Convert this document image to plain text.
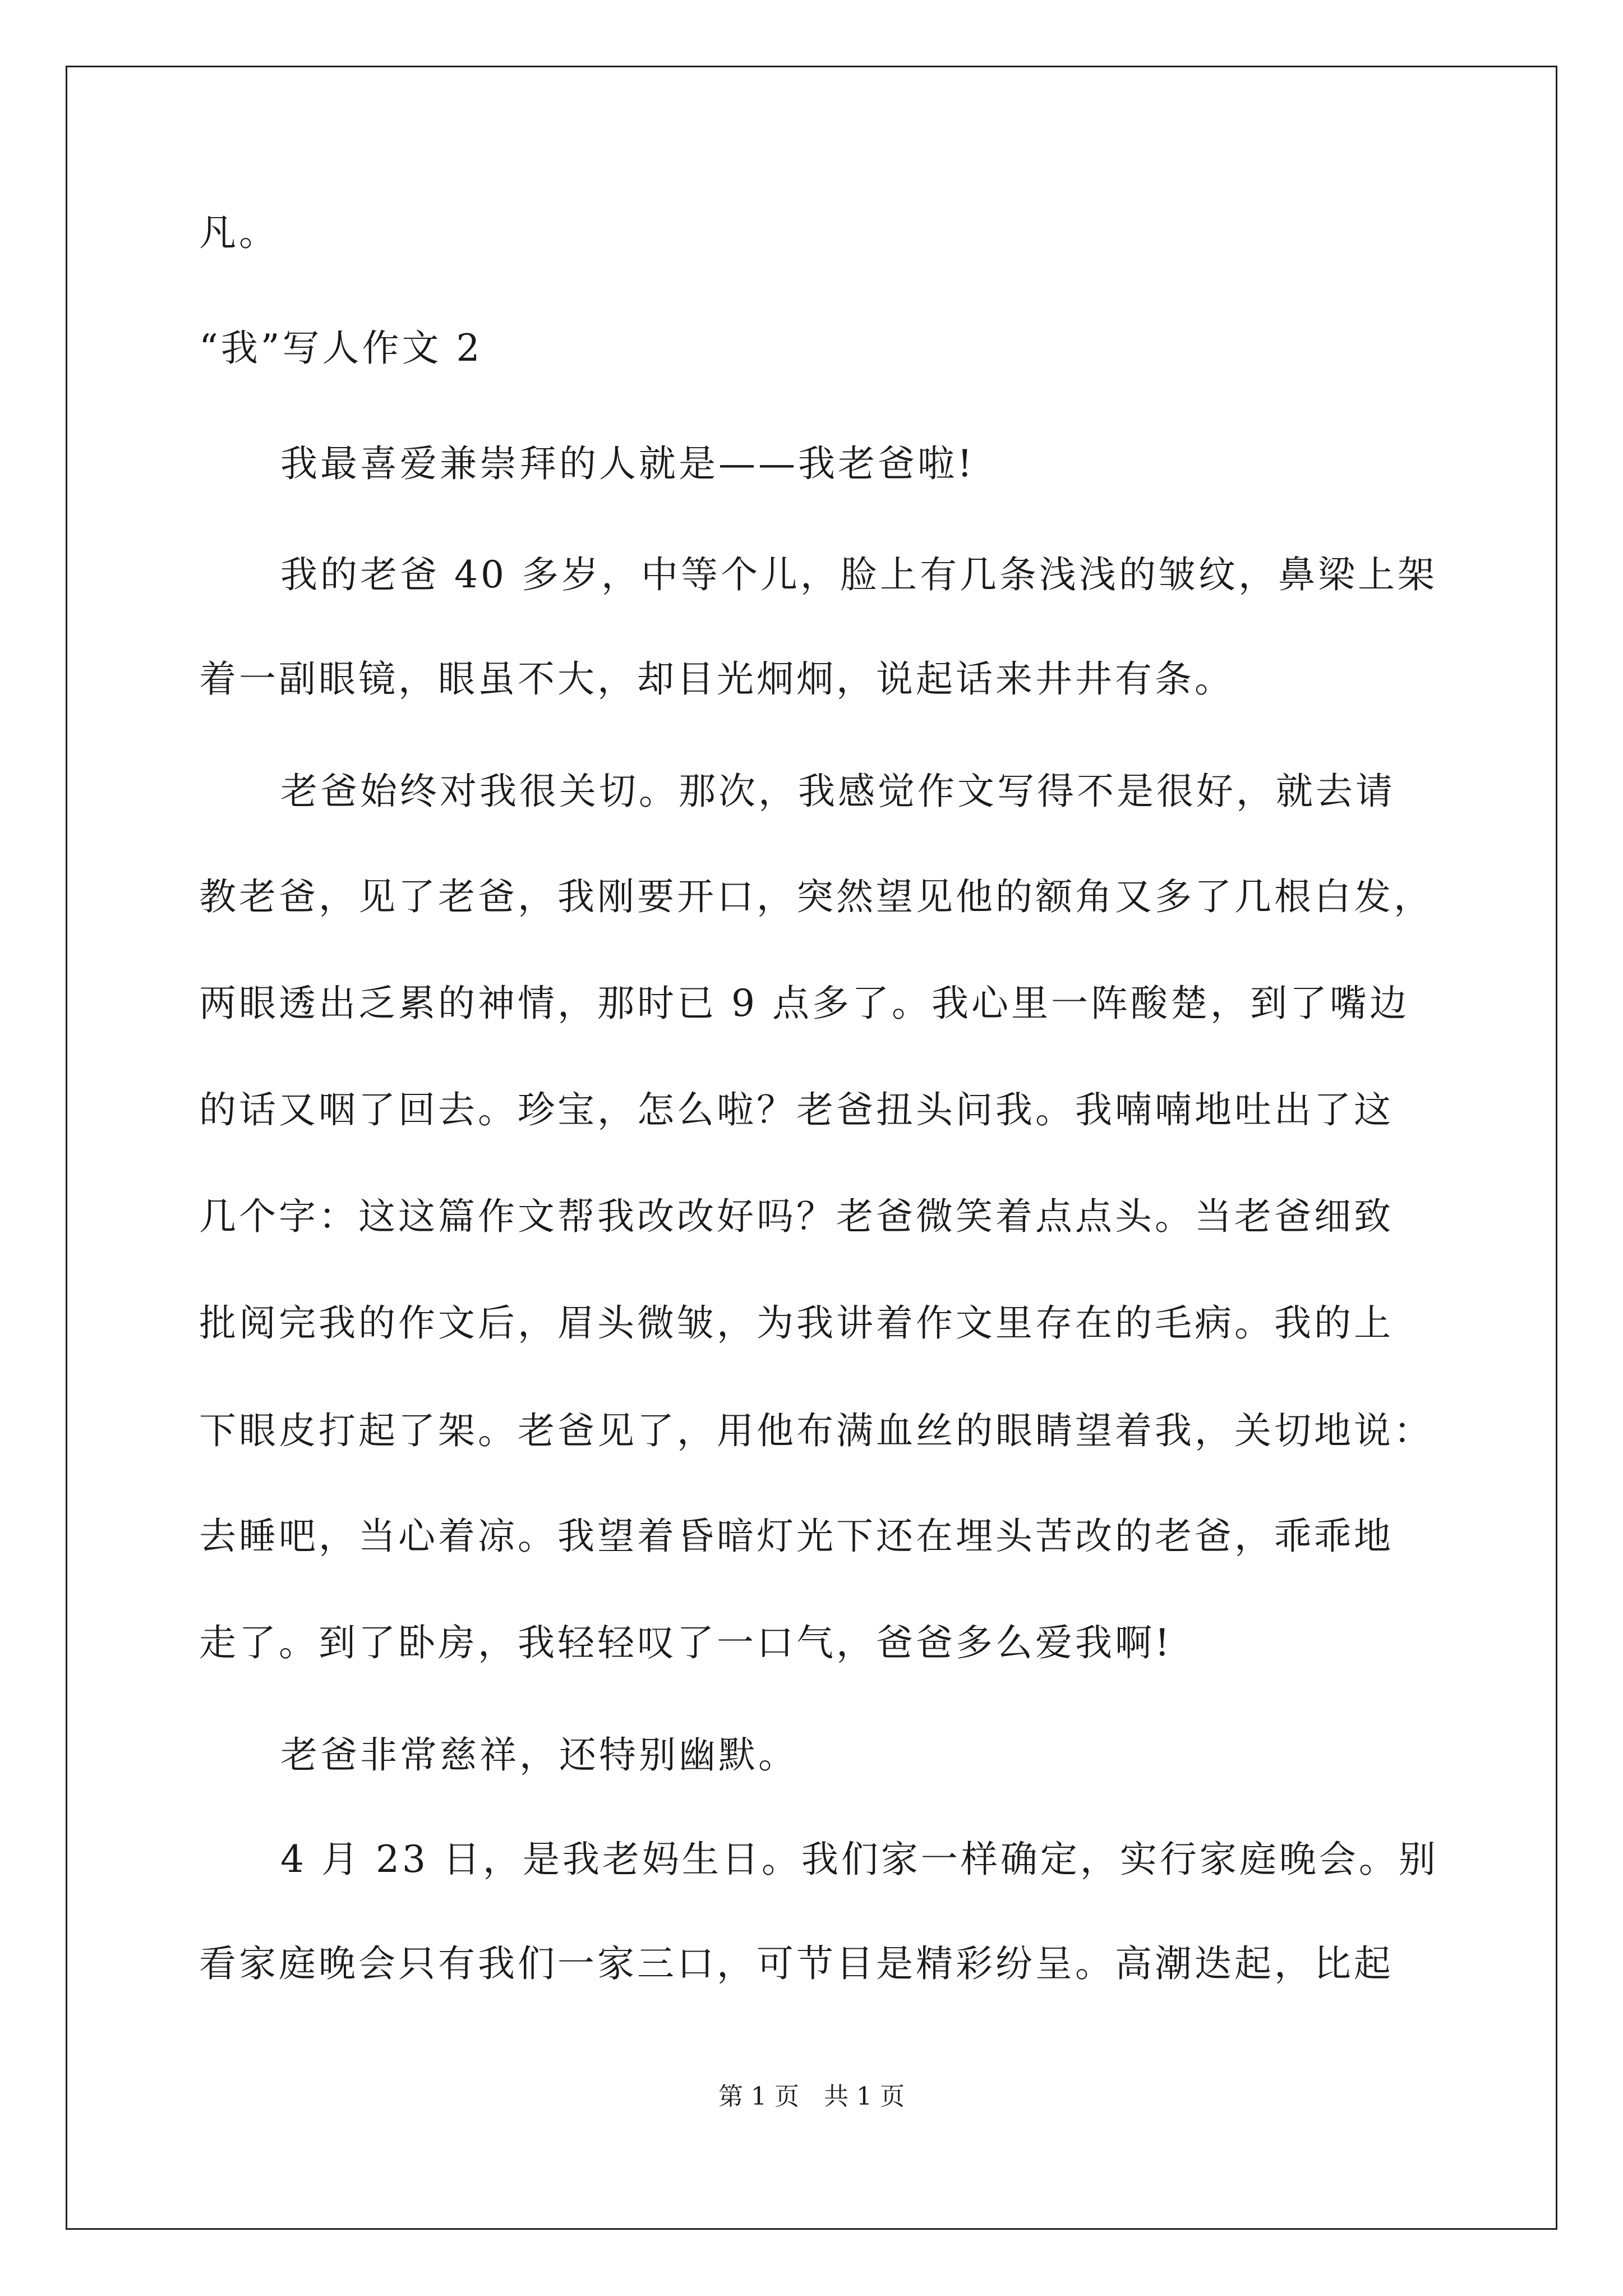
凡。
“我”写人作文 2
我最喜爱兼崇拜的人就是——我老爸啦!
我的老爸 40 多岁，中等个儿，脸上有几条浅浅的皱纹，鼻梁上架
着一副眼镜，眼虽不大，却目光炯炯，说起话来井井有条。
老爸始终对我很关切。那次，我感觉作文写得不是很好，就去请
教老爸，见了老爸，我刚要开口，突然望见他的额角又多了几根白发，
两眼透出乏累的神情，那时已 9 点多了。我心里一阵酸楚，到了嘴边
的话又咽了回去。珍宝，怎么啦？老爸扭头问我。我喃喃地吐出了这
几个字：这这篇作文帮我改改好吗？老爸微笑着点点头。当老爸细致
批阅完我的作文后，眉头微皱，为我讲着作文里存在的毛病。我的上
下眼皮打起了架。老爸见了，用他布满血丝的眼睛望着我，关切地说：
去睡吧，当心着凉。我望着昏暗灯光下还在埋头苦改的老爸，乖乖地
走了。到了卧房，我轻轻叹了一口气，爸爸多么爱我啊!
老爸非常慈祥，还特别幽默。
4 月 23 日，是我老妈生日。我们家一样确定，实行家庭晚会。别
看家庭晚会只有我们一家三口，可节目是精彩纷呈。高潮迭起，比起
第 1 页　共 1 页
